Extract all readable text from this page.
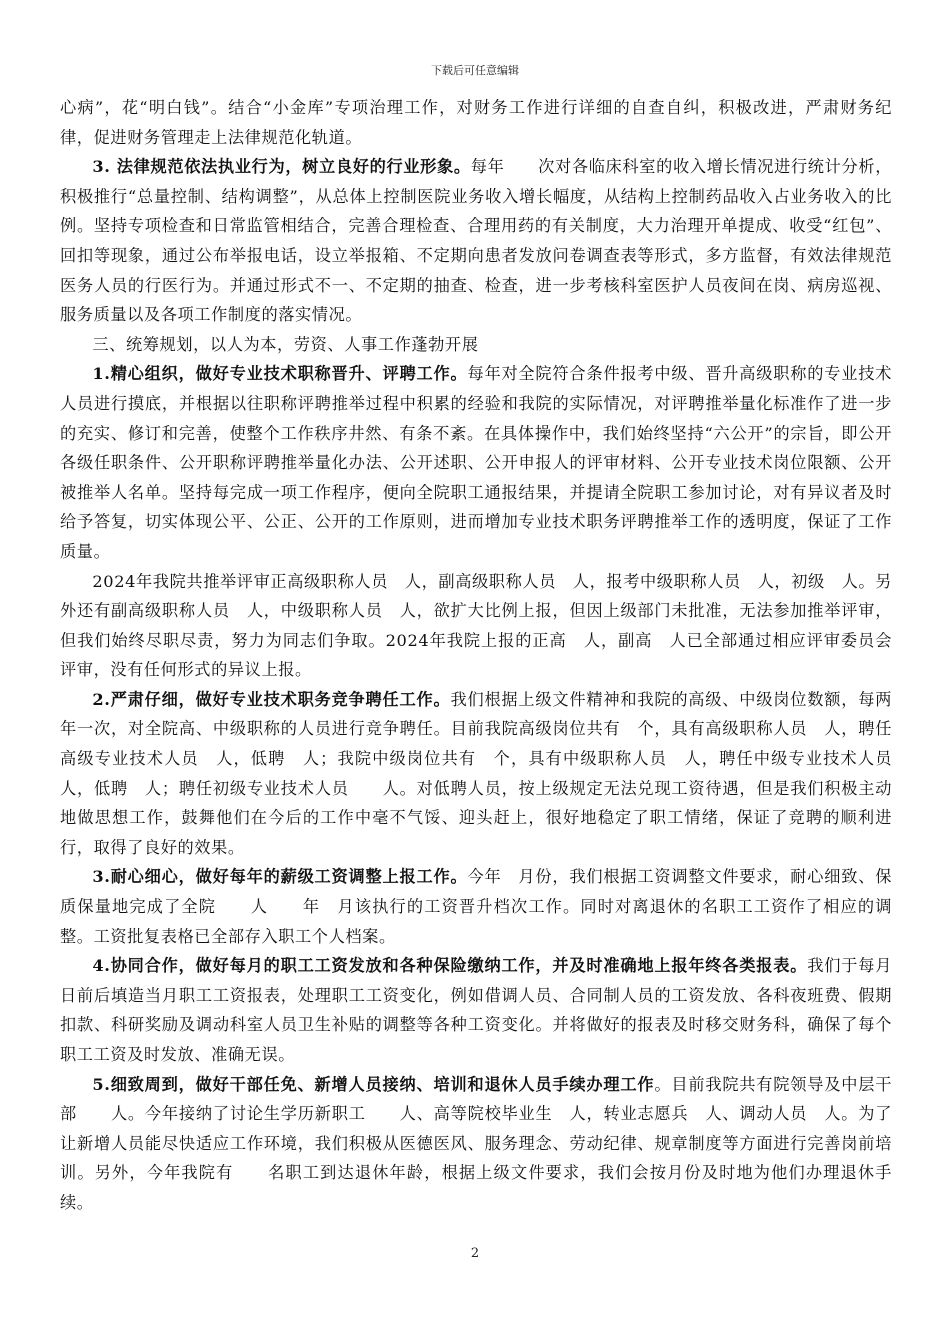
下载后可任意编辑

心病”，花“明白钱”。结合“小金库”专项治理工作，对财务工作进行详细的自查自纠，积极改进，严肃财务纪律，促进财务管理走上法律规范化轨道。

3. 法律规范依法执业行为，树立良好的行业形象。每年　　次对各临床科室的收入增长情况进行统计分析，积极推行“总量控制、结构调整”，从总体上控制医院业务收入增长幅度，从结构上控制药品收入占业务收入的比例。坚持专项检查和日常监管相结合，完善合理检查、合理用药的有关制度，大力治理开单提成、收受“红包”、回扣等现象，通过公布举报电话，设立举报箱、不定期向患者发放问卷调查表等形式，多方监督，有效法律规范医务人员的行医行为。并通过形式不一、不定期的抽查、检查，进一步考核科室医护人员夜间在岗、病房巡视、服务质量以及各项工作制度的落实情况。

三、统筹规划，以人为本，劳资、人事工作蓬勃开展

1.精心组织，做好专业技术职称晋升、评聘工作。每年对全院符合条件报考中级、晋升高级职称的专业技术人员进行摸底，并根据以往职称评聘推举过程中积累的经验和我院的实际情况，对评聘推举量化标准作了进一步的充实、修订和完善，使整个工作秩序井然、有条不紊。在具体操作中，我们始终坚持“六公开”的宗旨，即公开各级任职条件、公开职称评聘推举量化办法、公开述职、公开申报人的评审材料、公开专业技术岗位限额、公开被推举人名单。坚持每完成一项工作程序，便向全院职工通报结果，并提请全院职工参加讨论，对有异议者及时给予答复，切实体现公平、公正、公开的工作原则，进而增加专业技术职务评聘推举工作的透明度，保证了工作质量。

2024年我院共推举评审正高级职称人员　人，副高级职称人员　人，报考中级职称人员　人，初级　人。另外还有副高级职称人员　人，中级职称人员　人，欲扩大比例上报，但因上级部门未批准，无法参加推举评审，但我们始终尽职尽责，努力为同志们争取。2024年我院上报的正高　人，副高　人已全部通过相应评审委员会评审，没有任何形式的异议上报。

2.严肃仔细，做好专业技术职务竞争聘任工作。我们根据上级文件精神和我院的高级、中级岗位数额，每两年一次，对全院高、中级职称的人员进行竞争聘任。目前我院高级岗位共有　个，具有高级职称人员　人，聘任高级专业技术人员　人，低聘　人；我院中级岗位共有　个，具有中级职称人员　人，聘任中级专业技术人员　人，低聘　人；聘任初级专业技术人员　　人。对低聘人员，按上级规定无法兑现工资待遇，但是我们积极主动地做思想工作，鼓舞他们在今后的工作中毫不气馁、迎头赶上，很好地稳定了职工情绪，保证了竞聘的顺利进行，取得了良好的效果。

3.耐心细心，做好每年的薪级工资调整上报工作。今年　月份，我们根据工资调整文件要求，耐心细致、保质保量地完成了全院　　人　　年　月该执行的工资晋升档次工作。同时对离退休的名职工工资作了相应的调整。工资批复表格已全部存入职工个人档案。

4.协同合作，做好每月的职工工资发放和各种保险缴纳工作，并及时准确地上报年终各类报表。我们于每月　日前后填造当月职工工资报表，处理职工工资变化，例如借调人员、合同制人员的工资发放、各科夜班费、假期扣款、科研奖励及调动科室人员卫生补贴的调整等各种工资变化。并将做好的报表及时移交财务科，确保了每个职工工资及时发放、准确无误。

5.细致周到，做好干部任免、新增人员接纳、培训和退休人员手续办理工作。目前我院共有院领导及中层干部　　人。今年接纳了讨论生学历新职工　　人、高等院校毕业生　人，转业志愿兵　人、调动人员　人。为了让新增人员能尽快适应工作环境，我们积极从医德医风、服务理念、劳动纪律、规章制度等方面进行完善岗前培训。另外，今年我院有　　名职工到达退休年龄，根据上级文件要求，我们会按月份及时地为他们办理退休手续。

2
